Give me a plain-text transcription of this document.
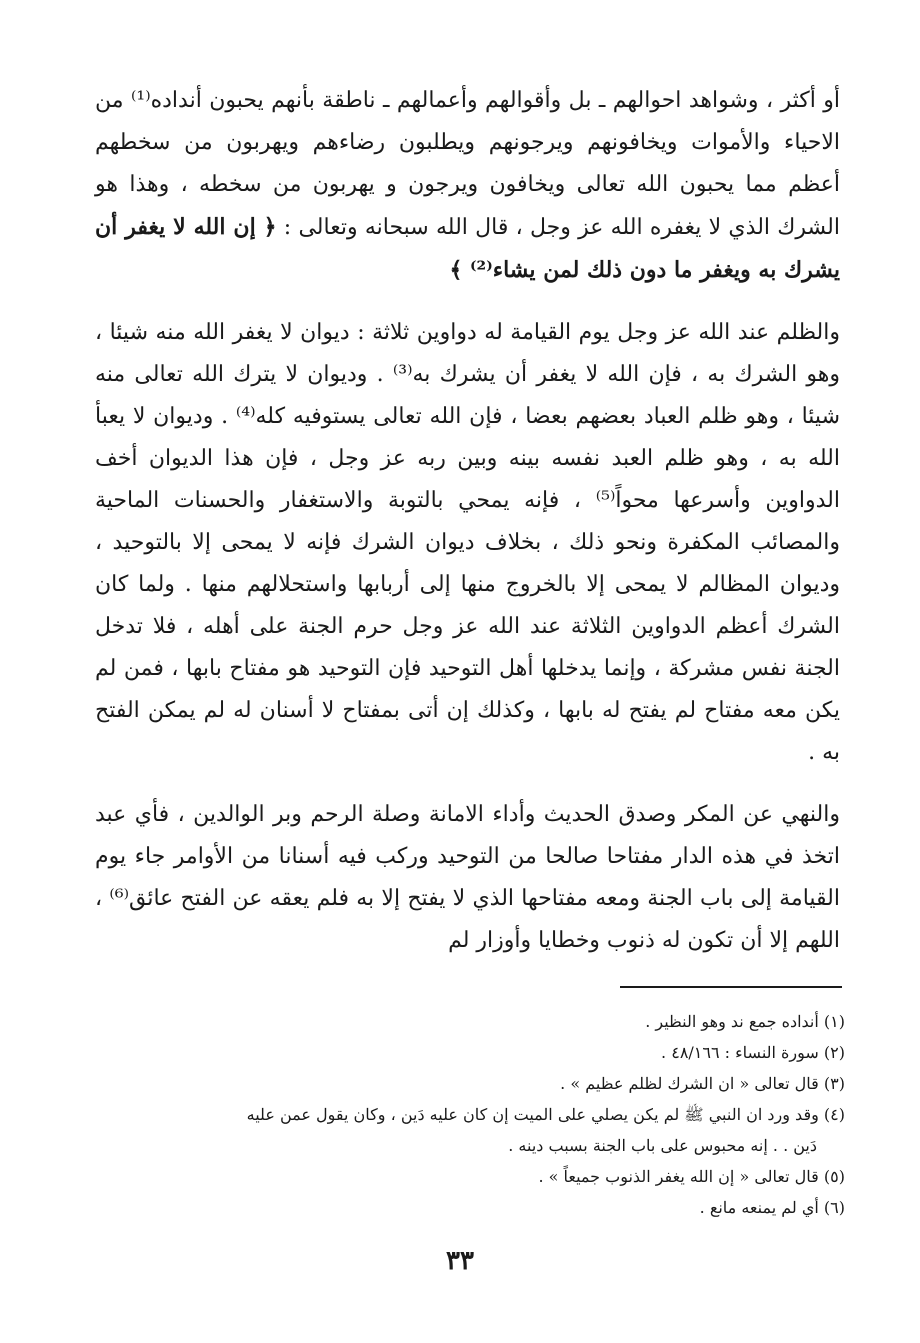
أو أكثر ، وشواهد احوالهم ـ بل وأقوالهم وأعمالهم ـ ناطقة بأنهم يحبون أنداده⁽¹⁾ من الاحياء والأموات ويخافونهم ويرجونهم ويطلبون رضاءهم ويهربون من سخطهم أعظم مما يحبون الله تعالى ويخافون ويرجون و يهربون من سخطه ، وهذا هو الشرك الذي لا يغفره الله عز وجل ، قال الله سبحانه وتعالى : ﴿ إن الله لا يغفر أن يشرك به ويغفر ما دون ذلك لمن يشاء⁽²⁾ ﴾

والظلم عند الله عز وجل يوم القيامة له دواوين ثلاثة : ديوان لا يغفر الله منه شيئا ، وهو الشرك به ، فإن الله لا يغفر أن يشرك به⁽³⁾ . وديوان لا يترك الله تعالى منه شيئا ، وهو ظلم العباد بعضهم بعضا ، فإن الله تعالى يستوفيه كله⁽⁴⁾ . وديوان لا يعبأ الله به ، وهو ظلم العبد نفسه بينه وبين ربه عز وجل ، فإن هذا الديوان أخف الدواوين وأسرعها محواً⁽⁵⁾ ، فإنه يمحي بالتوبة والاستغفار والحسنات الماحية والمصائب المكفرة ونحو ذلك ، بخلاف ديوان الشرك فإنه لا يمحى إلا بالتوحيد ، وديوان المظالم لا يمحى إلا بالخروج منها إلى أربابها واستحلالهم منها . ولما كان الشرك أعظم الدواوين الثلاثة عند الله عز وجل حرم الجنة على أهله ، فلا تدخل الجنة نفس مشركة ، وإنما يدخلها أهل التوحيد فإن التوحيد هو مفتاح بابها ، فمن لم يكن معه مفتاح لم يفتح له بابها ، وكذلك إن أتى بمفتاح لا أسنان له لم يمكن الفتح به .

والنهي عن المكر وصدق الحديث وأداء الامانة وصلة الرحم وبر الوالدين ، فأي عبد اتخذ في هذه الدار مفتاحا صالحا من التوحيد وركب فيه أسنانا من الأوامر جاء يوم القيامة إلى باب الجنة ومعه مفتاحها الذي لا يفتح إلا به فلم يعقه عن الفتح عائق⁽⁶⁾ ، اللهم إلا أن تكون له ذنوب وخطايا وأوزار لم

(١) أنداده جمع ند وهو النظير .

(٢) سورة النساء : ٤٨/١٦٦ .

(٣) قال تعالى « ان الشرك لظلم عظيم » .

(٤) وقد ورد ان النبي ﷺ لم يكن يصلي على الميت إن كان عليه دَين ، وكان يقول عمن عليه

دَين . . إنه محبوس على باب الجنة بسبب دينه .

(٥) قال تعالى « إن الله يغفر الذنوب جميعاً » .

(٦) أي لم يمنعه مانع .

٣٣
